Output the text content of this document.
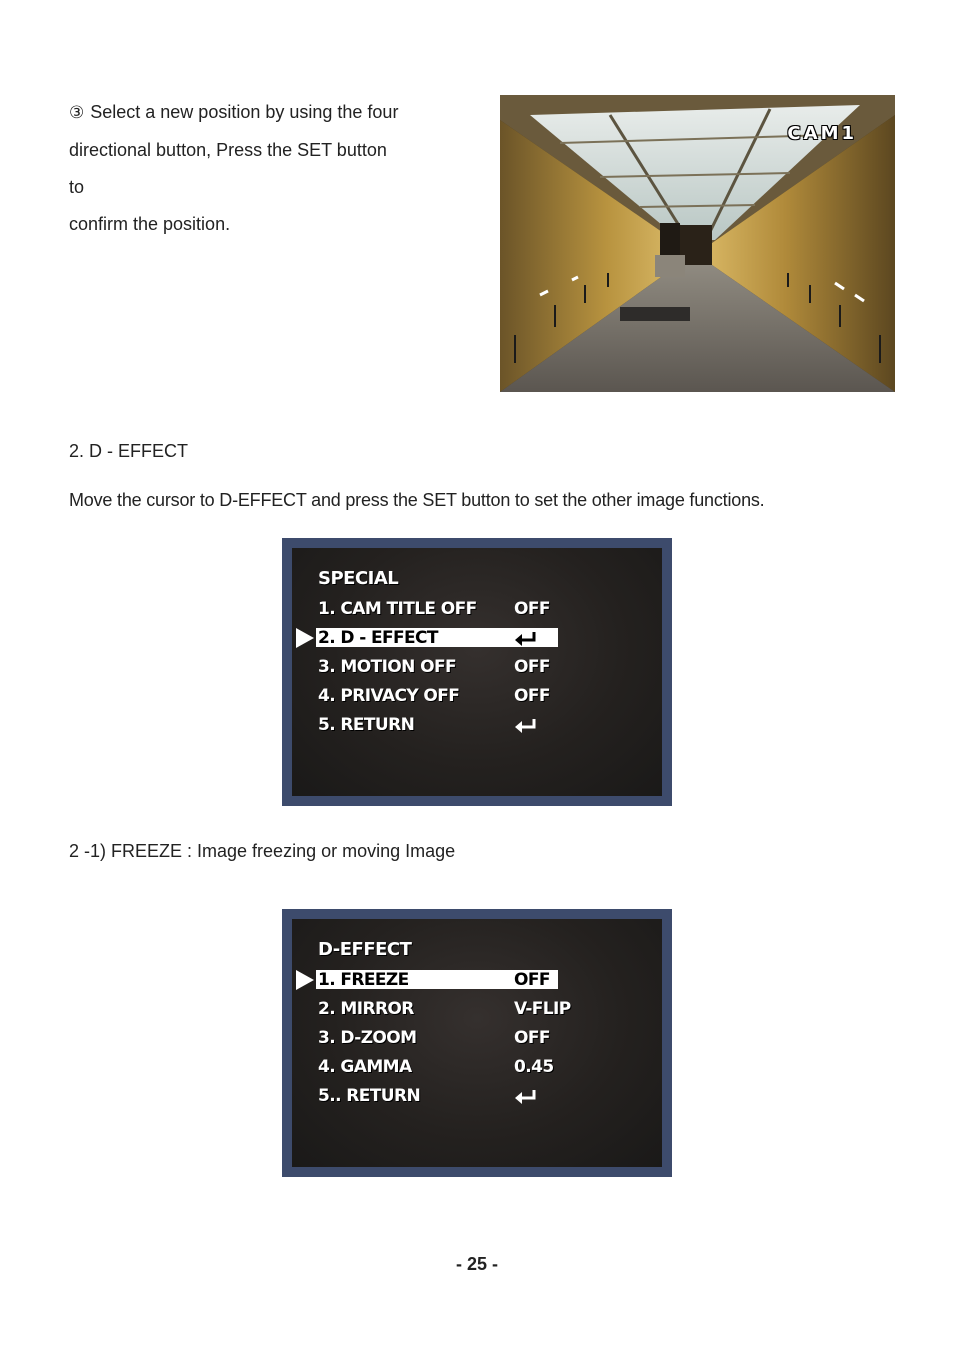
③ Select a new position by using the four
directional button, Press the SET button to
confirm the position.
CAM1
2. D - EFFECT
Move the cursor to D-EFFECT and press the SET button to set the other image functions.
SPECIAL
1. CAM TITLE OFF OFF
2. D - EFFECT
3. MOTION OFF	OFF
4. PRIVACY OFF	OFF
5. RETURN
2 -1) FREEZE : Image freezing or moving Image
D-EFFECT
1. FREEZE	OFF
2. MIRROR	V-FLIP
3. D-ZOOM	OFF
4. GAMMA	0.45
5.. RETURN
- 25 -
